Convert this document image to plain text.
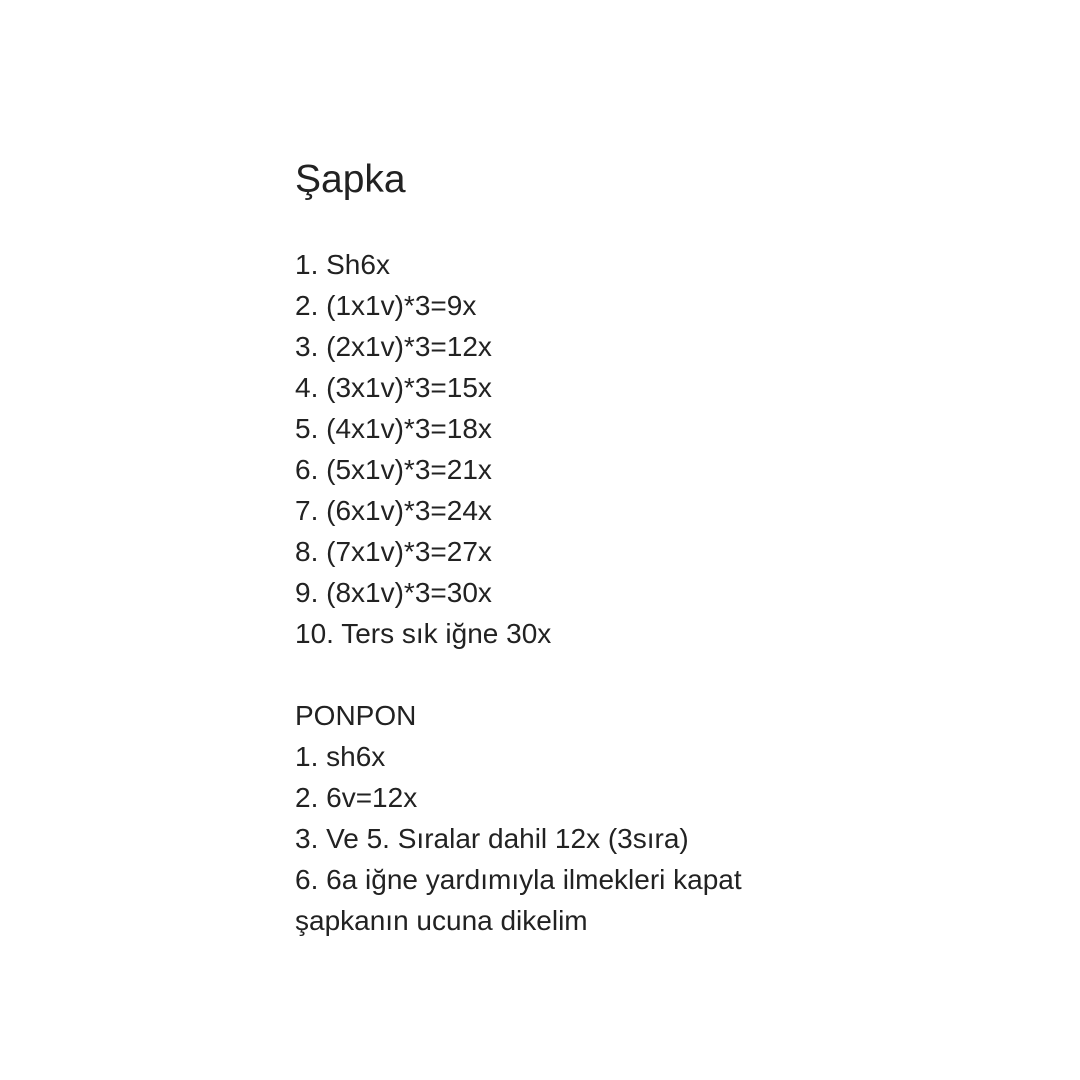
Şapka
1. Sh6x
2. (1x1v)*3=9x
3. (2x1v)*3=12x
4. (3x1v)*3=15x
5. (4x1v)*3=18x
6. (5x1v)*3=21x
7. (6x1v)*3=24x
8. (7x1v)*3=27x
9. (8x1v)*3=30x
10. Ters sık iğne 30x
PONPON
1. sh6x
2. 6v=12x
3. Ve 5. Sıralar dahil 12x (3sıra)
6. 6a iğne yardımıyla ilmekleri kapat
şapkanın ucuna dikelim
